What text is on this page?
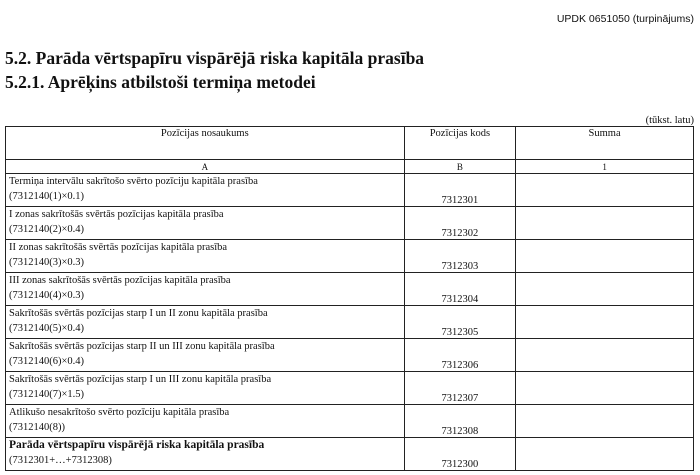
UPDK 0651050 (turpinājums)
5.2. Parāda vērtspapīru vispārējā riska kapitāla prasība
5.2.1. Aprēķins atbilstoši termiņa metodei
(tūkst. latu)
Pozīcijas nosaukums	Pozīcijas kods	Summa
A	B	1

Termiņa intervālu sakrītošo svērto pozīciju kapitāla prasība
(7312140(1)×0.1)	7312301	

I zonas sakrītošās svērtās pozīcijas kapitāla prasība
(7312140(2)×0.4)	7312302	

II zonas sakrītošās svērtās pozīcijas kapitāla prasība
(7312140(3)×0.3)	7312303	

III zonas sakrītošās svērtās pozīcijas kapitāla prasība
(7312140(4)×0.3)	7312304	

Sakrītošās svērtās pozīcijas starp I un II zonu kapitāla prasība
(7312140(5)×0.4)	7312305	

Sakrītošās svērtās pozīcijas starp II un III zonu kapitāla prasība
(7312140(6)×0.4)	7312306	

Sakrītošās svērtās pozīcijas starp I un III zonu kapitāla prasība
(7312140(7)×1.5)	7312307	

Atlikušo nesakrītošo svērto pozīciju kapitāla prasība
(7312140(8))	7312308	

Parāda vērtspapīru vispārējā riska kapitāla prasība
(7312301+…+7312308)	7312300	
